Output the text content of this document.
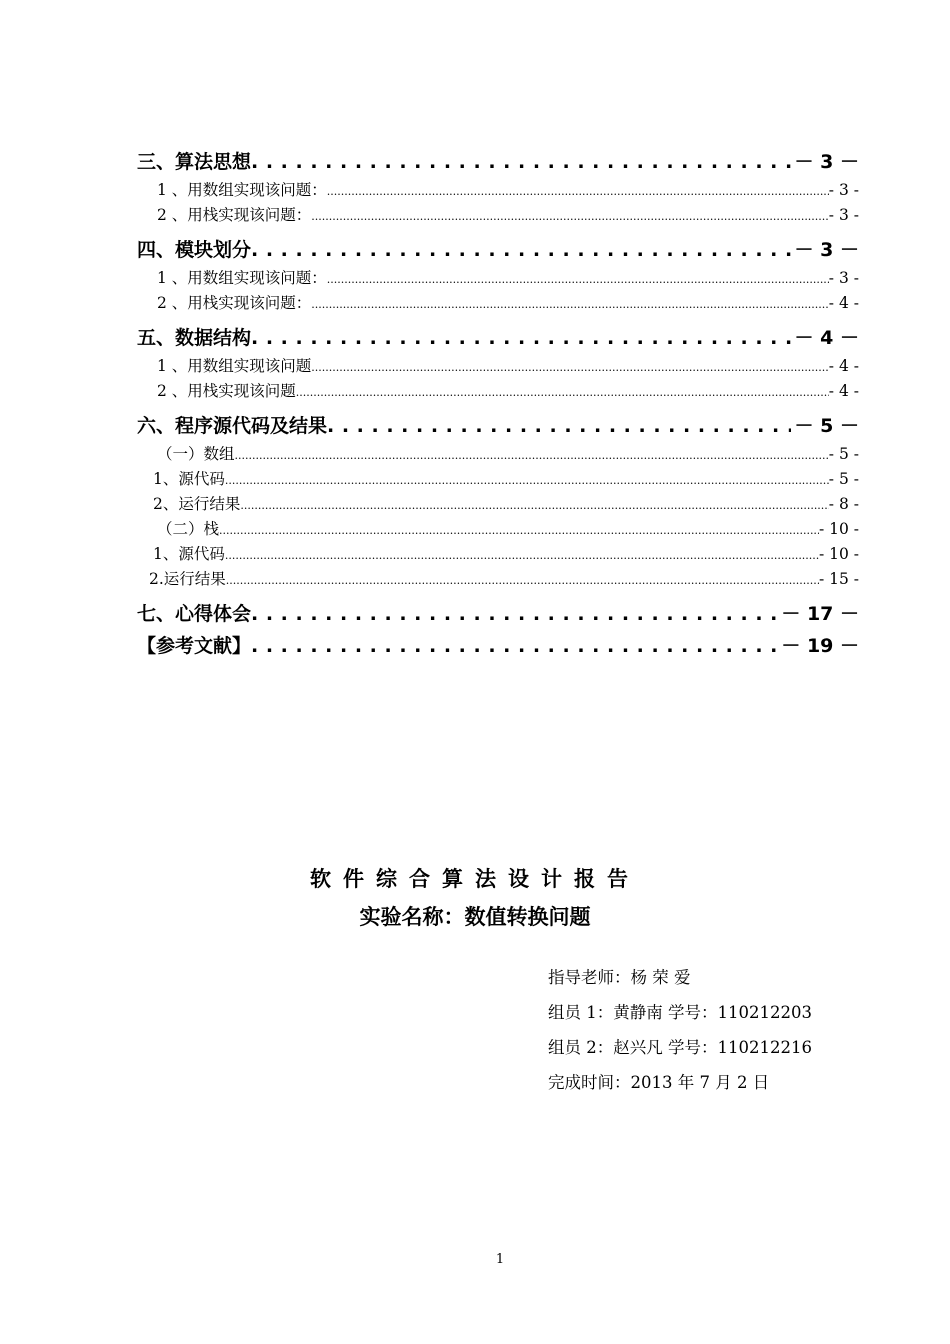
三、算法思想 . . .	－ 3 －
1 、用数组实现该问题： .....	- 3 -
2 、用栈实现该问题： .....	- 3 -
四、模块划分 . . .	－ 3 －
1 、用数组实现该问题： .....	- 3 -
2 、用栈实现该问题： .....	- 4 -
五、数据结构 . . .	－ 4 －
1 、用数组实现该问题 .....	- 4 -
2 、用栈实现该问题 .....	- 4 -
六、程序源代码及结果 . . .	－ 5 －
（一）数组 .....	- 5 -
1、源代码 .....	- 5 -
2、运行结果 .....	- 8 -
（二）栈 .....	- 10 -
1、源代码 .....	- 10 -
2.运行结果 .....	- 15 -
七、心得体会 . . .	－ 17 －
【参考文献】 . . .	－ 19 －
软件综合算法设计报告
实验名称：数值转换问题
指导老师：杨 荣 爱
组员 1：黄静南 学号：110212203
组员 2：赵兴凡 学号：110212216
完成时间：2013 年 7 月 2 日
1
